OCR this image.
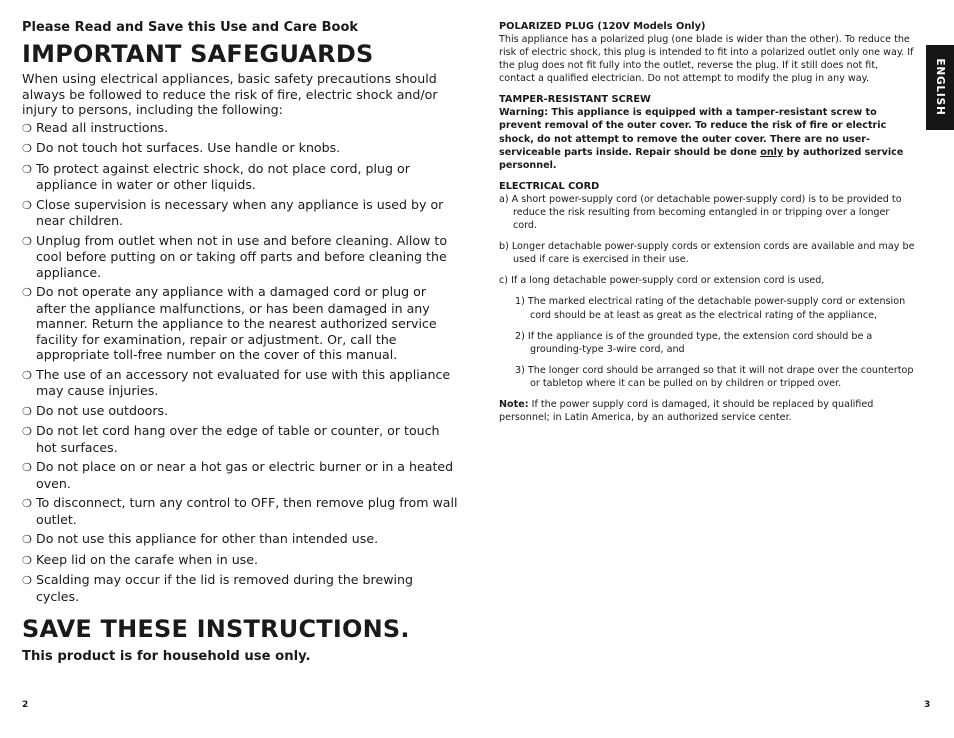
Please Read and Save this Use and Care Book

IMPORTANT SAFEGUARDS

When using electrical appliances, basic safety precautions should always be followed to reduce the risk of fire, electric shock and/or injury to persons, including the following:

❍ Read all instructions.
❍ Do not touch hot surfaces. Use handle or knobs.
❍ To protect against electric shock, do not place cord, plug or appliance in water or other liquids.
❍ Close supervision is necessary when any appliance is used by or near children.
❍ Unplug from outlet when not in use and before cleaning. Allow to cool before putting on or taking off parts and before cleaning the appliance.
❍ Do not operate any appliance with a damaged cord or plug or after the appliance malfunctions, or has been damaged in any manner. Return the appliance to the nearest authorized service facility for examination, repair or adjustment. Or, call the appropriate toll-free number on the cover of this manual.
❍ The use of an accessory not evaluated for use with this appliance may cause injuries.
❍ Do not use outdoors.
❍ Do not let cord hang over the edge of table or counter, or touch hot surfaces.
❍ Do not place on or near a hot gas or electric burner or in a heated oven.
❍ To disconnect, turn any control to OFF, then remove plug from wall outlet.
❍ Do not use this appliance for other than intended use.
❍ Keep lid on the carafe when in use.
❍ Scalding may occur if the lid is removed during the brewing cycles.
SAVE THESE INSTRUCTIONS.

This product is for household use only.

2

POLARIZED PLUG (120V Models Only)

This appliance has a polarized plug (one blade is wider than the other). To reduce the risk of electric shock, this plug is intended to fit into a polarized outlet only one way. If the plug does not fit fully into the outlet, reverse the plug. If it still does not fit, contact a qualified electrician. Do not attempt to modify the plug in any way.

TAMPER-RESISTANT SCREW

Warning: This appliance is equipped with a tamper-resistant screw to prevent removal of the outer cover. To reduce the risk of fire or electric shock, do not attempt to remove the outer cover. There are no user-serviceable parts inside. Repair should be done only by authorized service personnel.

ELECTRICAL CORD

a) A short power-supply cord (or detachable power-supply cord) is to be provided to reduce the risk resulting from becoming entangled in or tripping over a longer cord.

b) Longer detachable power-supply cords or extension cords are available and may be used if care is exercised in their use.

c) If a long detachable power-supply cord or extension cord is used,

1) The marked electrical rating of the detachable power-supply cord or extension cord should be at least as great as the electrical rating of the appliance,

2) If the appliance is of the grounded type, the extension cord should be a grounding-type 3-wire cord, and

3) The longer cord should be arranged so that it will not drape over the countertop or tabletop where it can be pulled on by children or tripped over.

Note: If the power supply cord is damaged, it should be replaced by qualified personnel; in Latin America, by an authorized service center.

ENGLISH
3
